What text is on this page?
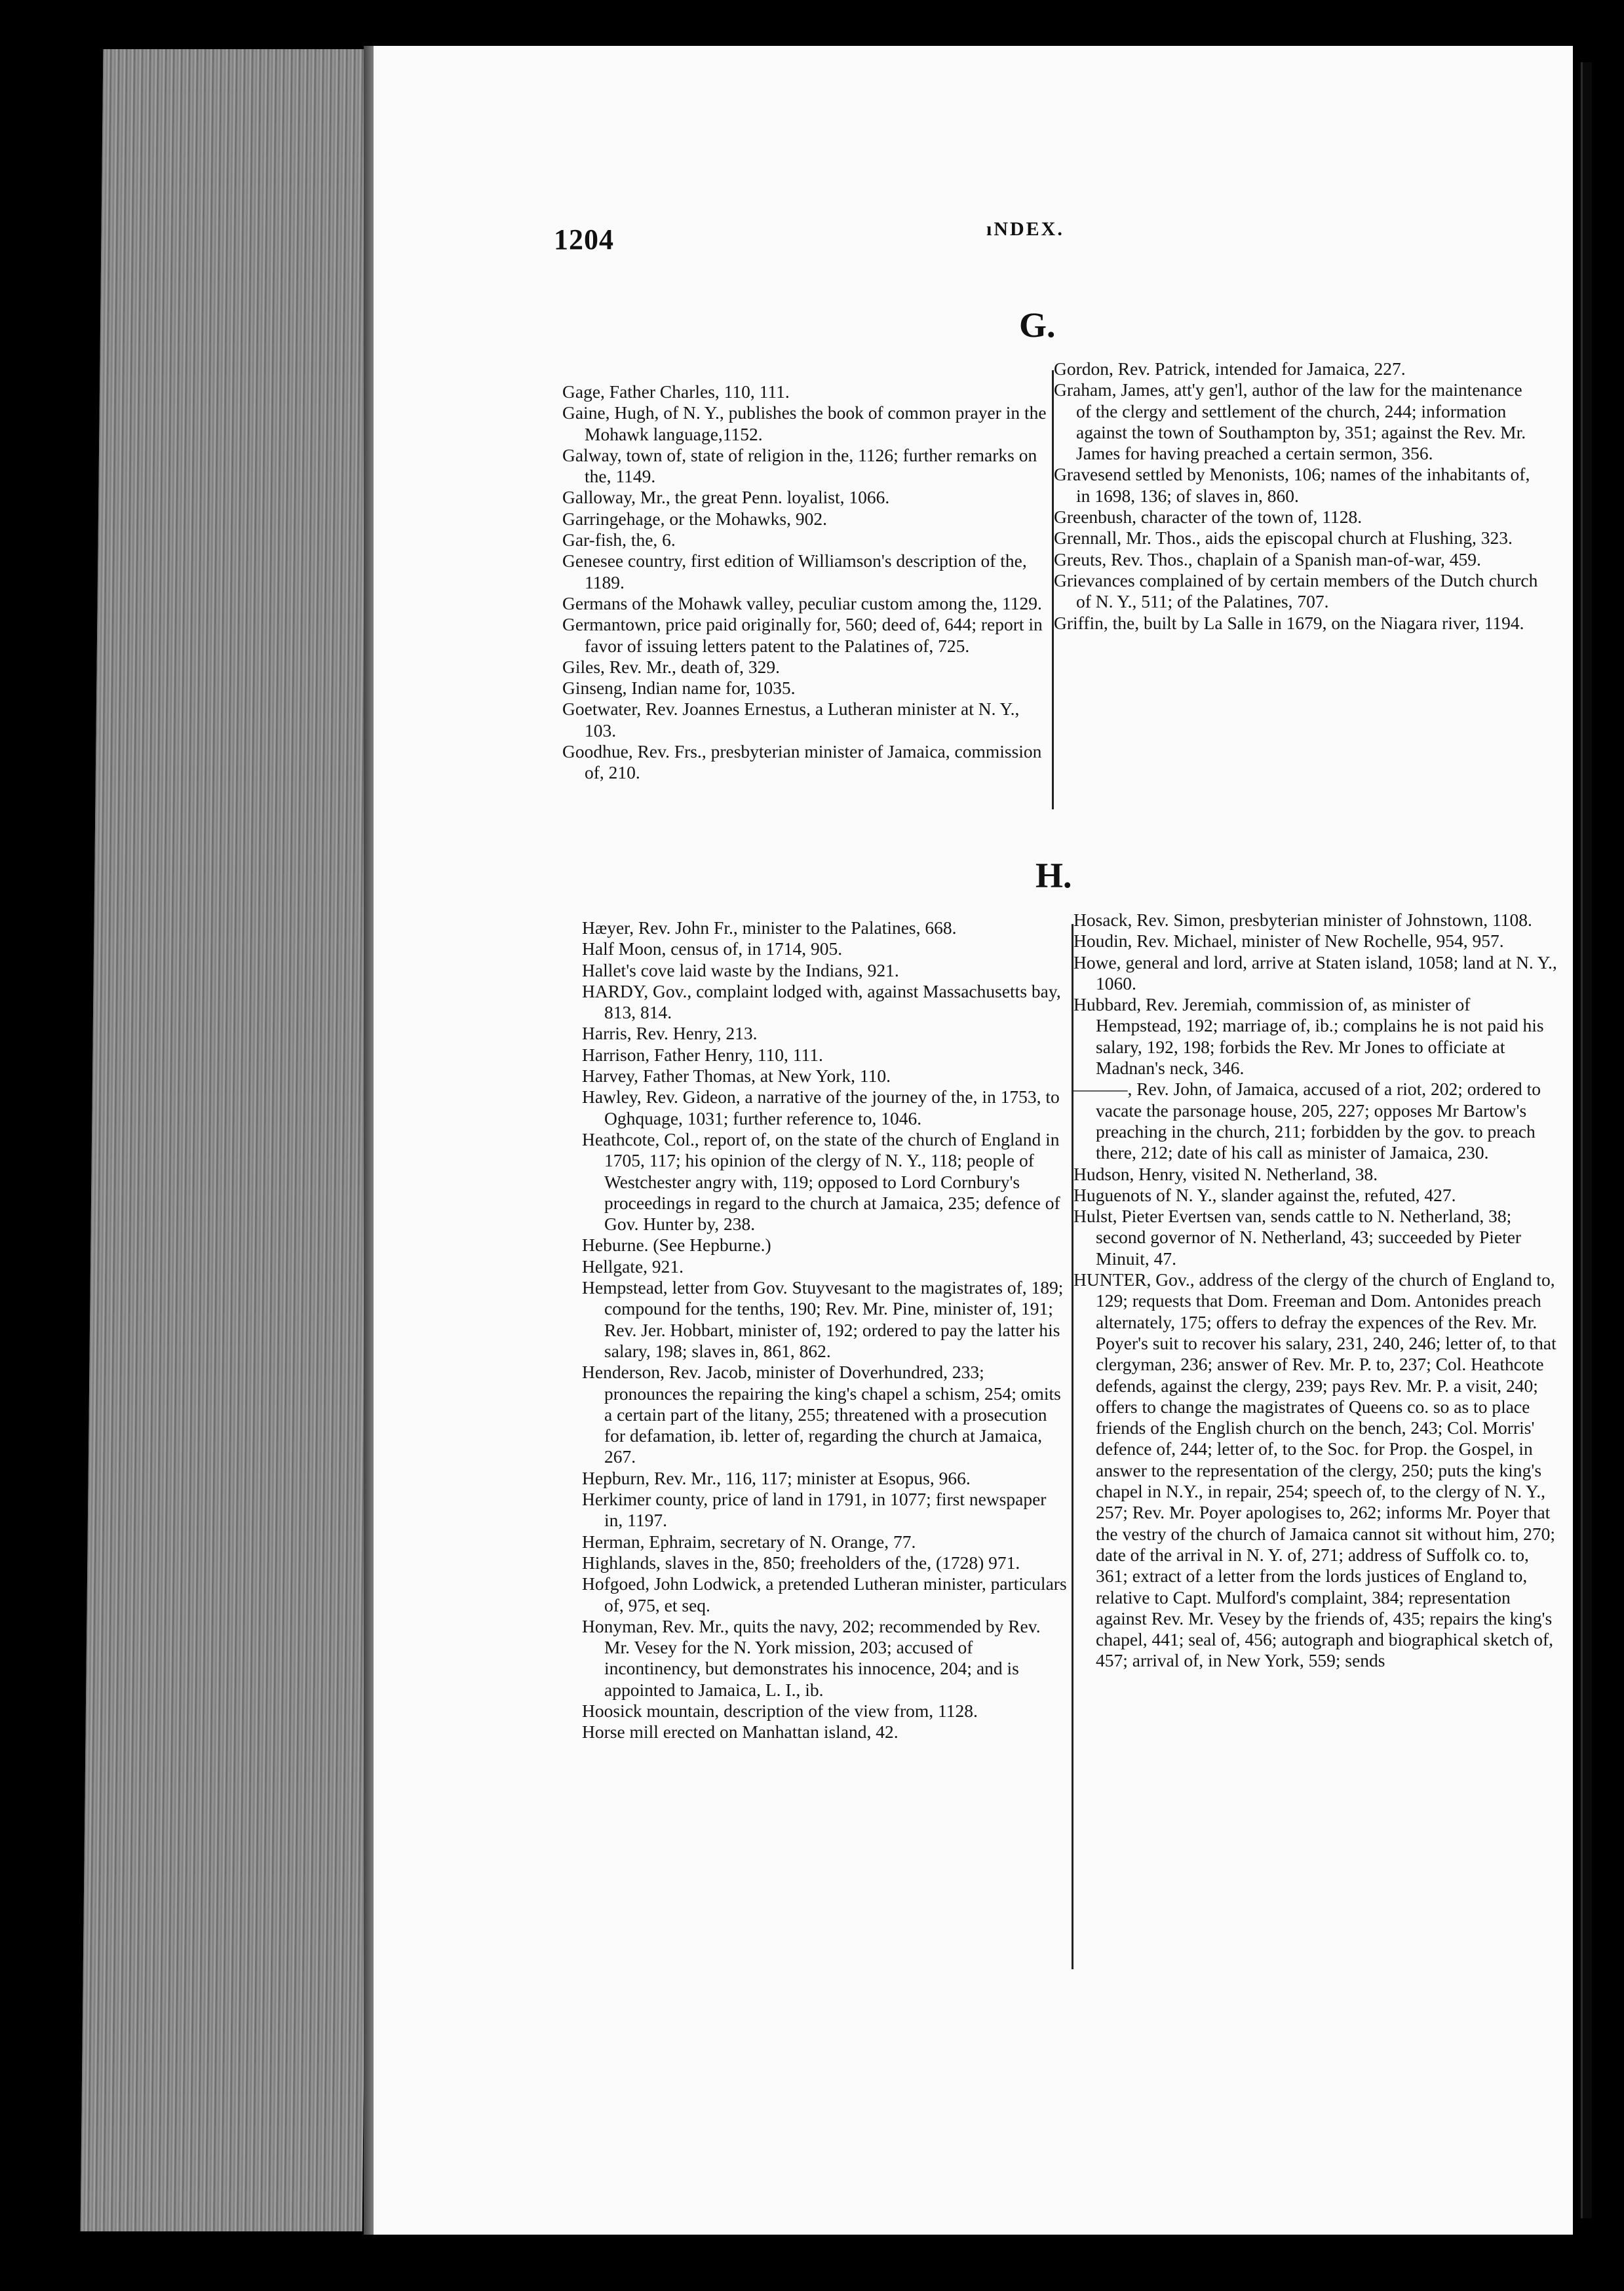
1204	ıNDEX.
G.

Gage, Father Charles, 110, 111.

Gaine, Hugh, of N. Y., publishes the book of common prayer in the Mohawk language,1152.

Galway, town of, state of religion in the, 1126; further remarks on the, 1149.

Galloway, Mr., the great Penn. loyalist, 1066.

Garringehage, or the Mohawks, 902.

Gar-fish, the, 6.

Genesee country, first edition of Williamson's description of the, 1189.

Germans of the Mohawk valley, peculiar custom among the, 1129.

Germantown, price paid originally for, 560; deed of, 644; report in favor of issuing letters patent to the Palatines of, 725.

Giles, Rev. Mr., death of, 329.

Ginseng, Indian name for, 1035.

Goetwater, Rev. Joannes Ernestus, a Lutheran minister at N. Y., 103.

Goodhue, Rev. Frs., presbyterian minister of Jamaica, commission of, 210.

Gordon, Rev. Patrick, intended for Jamaica, 227.

Graham, James, att'y gen'l, author of the law for the maintenance of the clergy and settlement of the church, 244; information against the town of Southampton by, 351; against the Rev. Mr. James for having preached a certain sermon, 356.

Gravesend settled by Menonists, 106; names of the inhabitants of, in 1698, 136; of slaves in, 860.

Greenbush, character of the town of, 1128.

Grennall, Mr. Thos., aids the episcopal church at Flushing, 323.

Greuts, Rev. Thos., chaplain of a Spanish man-of-war, 459.

Grievances complained of by certain members of the Dutch church of N. Y., 511; of the Palatines, 707.

Griffin, the, built by La Salle in 1679, on the Niagara river, 1194.

H.

Hæyer, Rev. John Fr., minister to the Palatines, 668.

Half Moon, census of, in 1714, 905.

Hallet's cove laid waste by the Indians, 921.

HARDY, Gov., complaint lodged with, against Massachusetts bay, 813, 814.

Harris, Rev. Henry, 213.

Harrison, Father Henry, 110, 111.

Harvey, Father Thomas, at New York, 110.

Hawley, Rev. Gideon, a narrative of the journey of the, in 1753, to Oghquage, 1031; further reference to, 1046.

Heathcote, Col., report of, on the state of the church of England in 1705, 117; his opinion of the clergy of N. Y., 118; people of Westchester angry with, 119; opposed to Lord Cornbury's proceedings in regard to the church at Jamaica, 235; defence of Gov. Hunter by, 238.

Heburne. (See Hepburne.)

Hellgate, 921.

Hempstead, letter from Gov. Stuyvesant to the magistrates of, 189; compound for the tenths, 190; Rev. Mr. Pine, minister of, 191; Rev. Jer. Hobbart, minister of, 192; ordered to pay the latter his salary, 198; slaves in, 861, 862.

Henderson, Rev. Jacob, minister of Doverhundred, 233; pronounces the repairing the king's chapel a schism, 254; omits a certain part of the litany, 255; threatened with a prosecution for defamation, ib. letter of, regarding the church at Jamaica, 267.

Hepburn, Rev. Mr., 116, 117; minister at Esopus, 966.

Herkimer county, price of land in 1791, in 1077; first newspaper in, 1197.

Herman, Ephraim, secretary of N. Orange, 77.

Highlands, slaves in the, 850; freeholders of the, (1728) 971.

Hofgoed, John Lodwick, a pretended Lutheran minister, particulars of, 975, et seq.

Honyman, Rev. Mr., quits the navy, 202; recommended by Rev. Mr. Vesey for the N. York mission, 203; accused of incontinency, but demonstrates his innocence, 204; and is appointed to Jamaica, L. I., ib.

Hoosick mountain, description of the view from, 1128.

Horse mill erected on Manhattan island, 42.

Hosack, Rev. Simon, presbyterian minister of Johnstown, 1108.

Houdin, Rev. Michael, minister of New Rochelle, 954, 957.

Howe, general and lord, arrive at Staten island, 1058; land at N. Y., 1060.

Hubbard, Rev. Jeremiah, commission of, as minister of Hempstead, 192; marriage of, ib.; complains he is not paid his salary, 192, 198; forbids the Rev. Mr Jones to officiate at Madnan's neck, 346.

———, Rev. John, of Jamaica, accused of a riot, 202; ordered to vacate the parsonage house, 205, 227; opposes Mr Bartow's preaching in the church, 211; forbidden by the gov. to preach there, 212; date of his call as minister of Jamaica, 230.

Hudson, Henry, visited N. Netherland, 38.

Huguenots of N. Y., slander against the, refuted, 427.

Hulst, Pieter Evertsen van, sends cattle to N. Netherland, 38; second governor of N. Netherland, 43; succeeded by Pieter Minuit, 47.

HUNTER, Gov., address of the clergy of the church of England to, 129; requests that Dom. Freeman and Dom. Antonides preach alternately, 175; offers to defray the expences of the Rev. Mr. Poyer's suit to recover his salary, 231, 240, 246; letter of, to that clergyman, 236; answer of Rev. Mr. P. to, 237; Col. Heathcote defends, against the clergy, 239; pays Rev. Mr. P. a visit, 240; offers to change the magistrates of Queens co. so as to place friends of the English church on the bench, 243; Col. Morris' defence of, 244; letter of, to the Soc. for Prop. the Gospel, in answer to the representation of the clergy, 250; puts the king's chapel in N.Y., in repair, 254; speech of, to the clergy of N. Y., 257; Rev. Mr. Poyer apologises to, 262; informs Mr. Poyer that the vestry of the church of Jamaica cannot sit without him, 270; date of the arrival in N. Y. of, 271; address of Suffolk co. to, 361; extract of a letter from the lords justices of England to, relative to Capt. Mulford's complaint, 384; representation against Rev. Mr. Vesey by the friends of, 435; repairs the king's chapel, 441; seal of, 456; autograph and biographical sketch of, 457; arrival of, in New York, 559; sends
